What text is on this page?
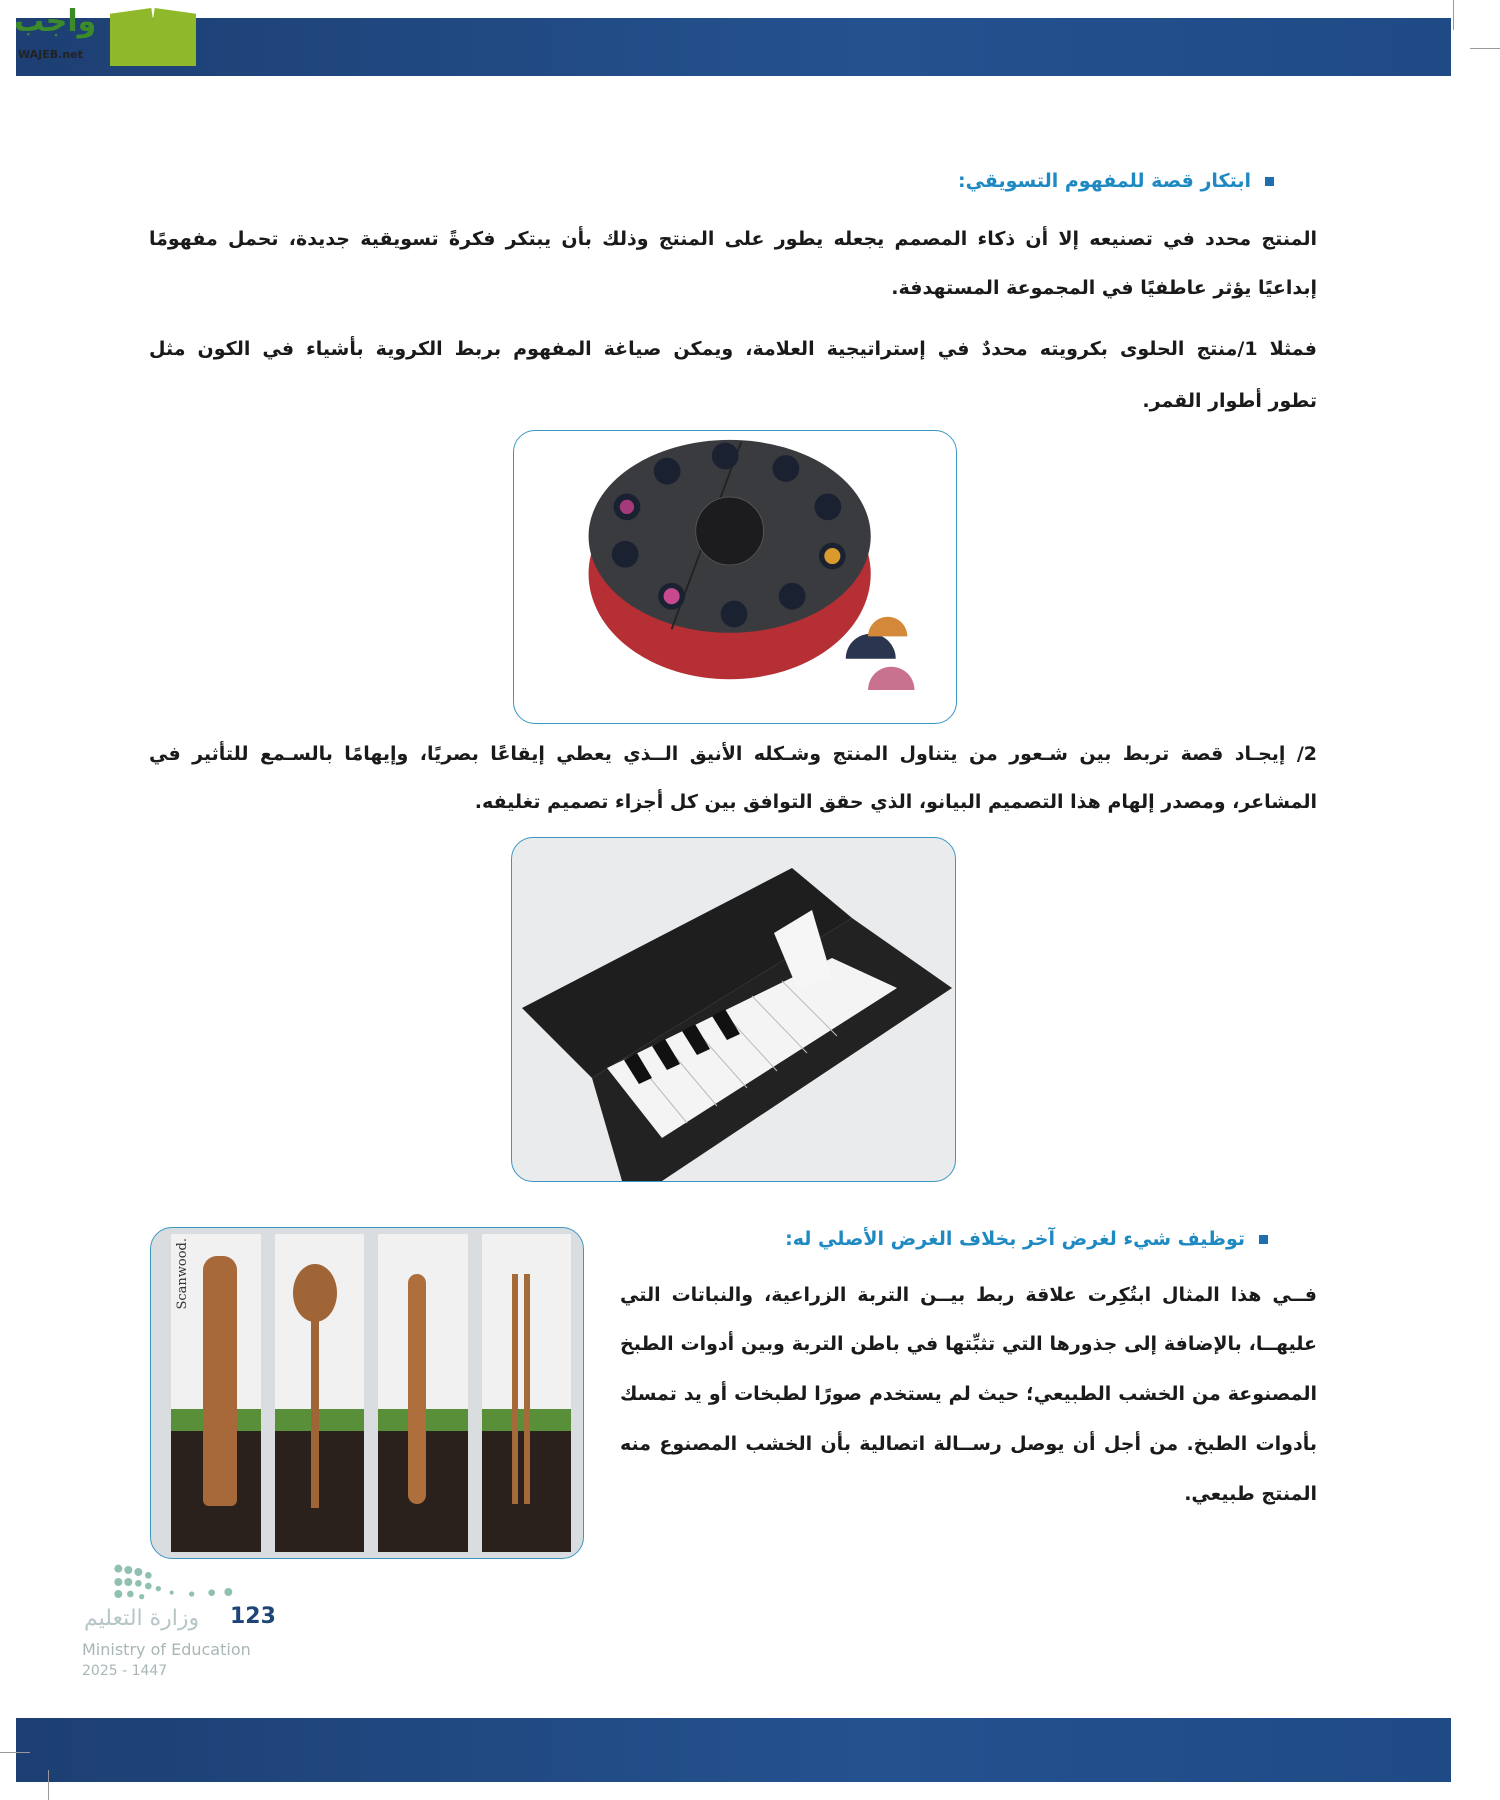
واجب
WAJEB.net
ابتكار قصة للمفهوم التسويقي:
المنتج محدد في تصنيعه إلا أن ذكاء المصمم يجعله يطور على المنتج وذلك بأن يبتكر فكرةً تسويقية جديدة، تحمل مفهومًا
إبداعيًا يؤثر عاطفيًا في المجموعة المستهدفة.
فمثلا 1/منتج الحلوى بكرويته محددٌ في إستراتيجية العلامة، ويمكن صياغة المفهوم بربط الكروية بأشياء في الكون مثل
تطور أطوار القمر.
2/ إيجـاد قصة تربط بين شـعور من يتناول المنتج وشـكله الأنيق الــذي يعطي إيقاعًا بصريًا، وإيهامًا بالسـمع للتأثير في
المشاعر، ومصدر إلهام هذا التصميم البيانو، الذي حقق التوافق بين كل أجزاء تصميم تغليفه.
توظيف شيء لغرض آخر بخلاف الغرض الأصلي له:
فــي هذا المثال ابتُكِرت علاقة ربط بيــن التربة الزراعية، والنباتات التي
عليهــا، بالإضافة إلى جذورها التي تثبِّتها في باطن التربة وبين أدوات الطبخ
المصنوعة من الخشب الطبيعي؛ حيث لم يستخدم صورًا لطبخات أو يد تمسك
بأدوات الطبخ. من أجل أن يوصل رســالة اتصالية بأن الخشب المصنوع منه
المنتج طبيعي.
Scanwood.
123
وزارة التعليم
Ministry of Education
2025 - 1447
